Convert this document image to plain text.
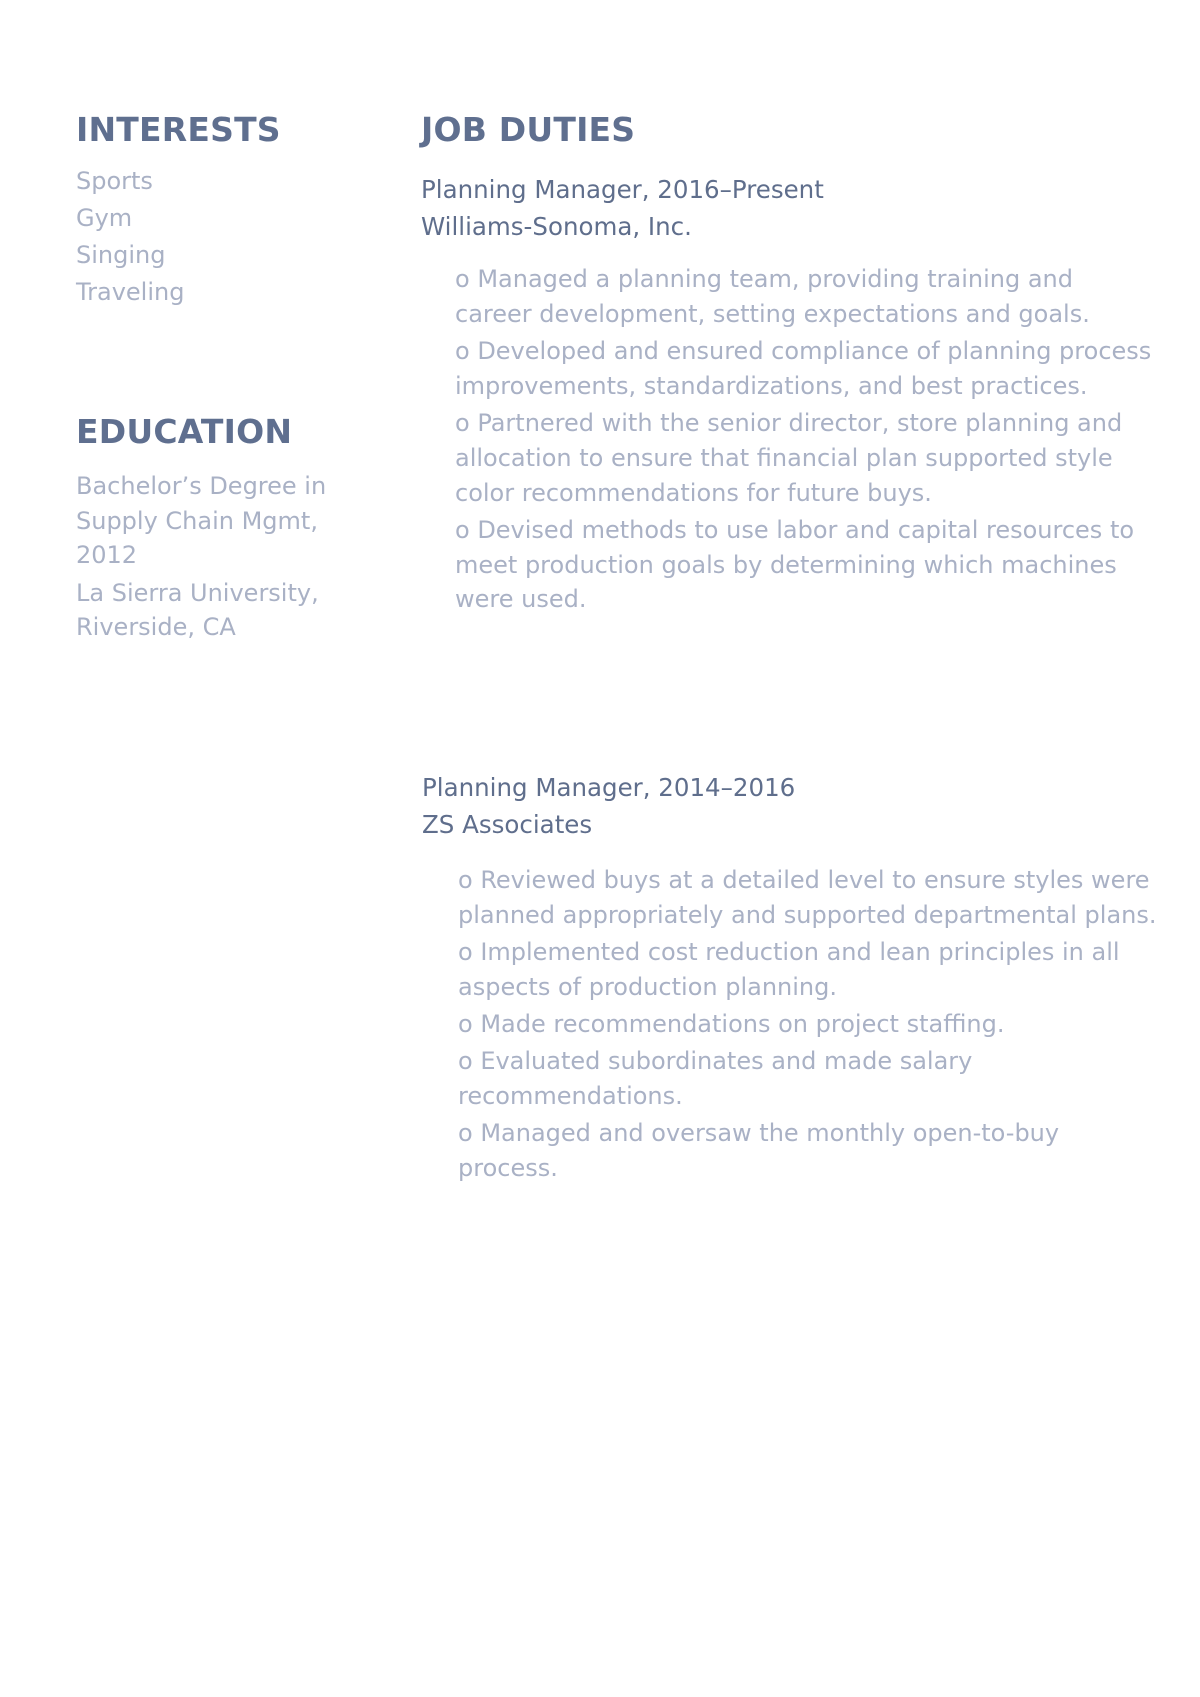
INTERESTS
Sports
Gym
Singing
Traveling
EDUCATION
Bachelor’s Degree in
Supply Chain Mgmt,
2012
La Sierra University,
Riverside, CA
JOB DUTIES
Planning Manager, 2016–Present
Williams-Sonoma, Inc.
o Managed a planning team, providing training and career development, setting expectations and goals.
o Developed and ensured compliance of planning process improvements, standardizations, and best practices.
o Partnered with the senior director, store planning and allocation to ensure that financial plan supported style color recommendations for future buys.
o Devised methods to use labor and capital resources to meet production goals by determining which machines were used.
Planning Manager, 2014–2016
ZS Associates
o Reviewed buys at a detailed level to ensure styles were planned appropriately and supported departmental plans.
o Implemented cost reduction and lean principles in all aspects of production planning.
o Made recommendations on project staffing.
o Evaluated subordinates and made salary recommendations.
o Managed and oversaw the monthly open-to-buy process.
